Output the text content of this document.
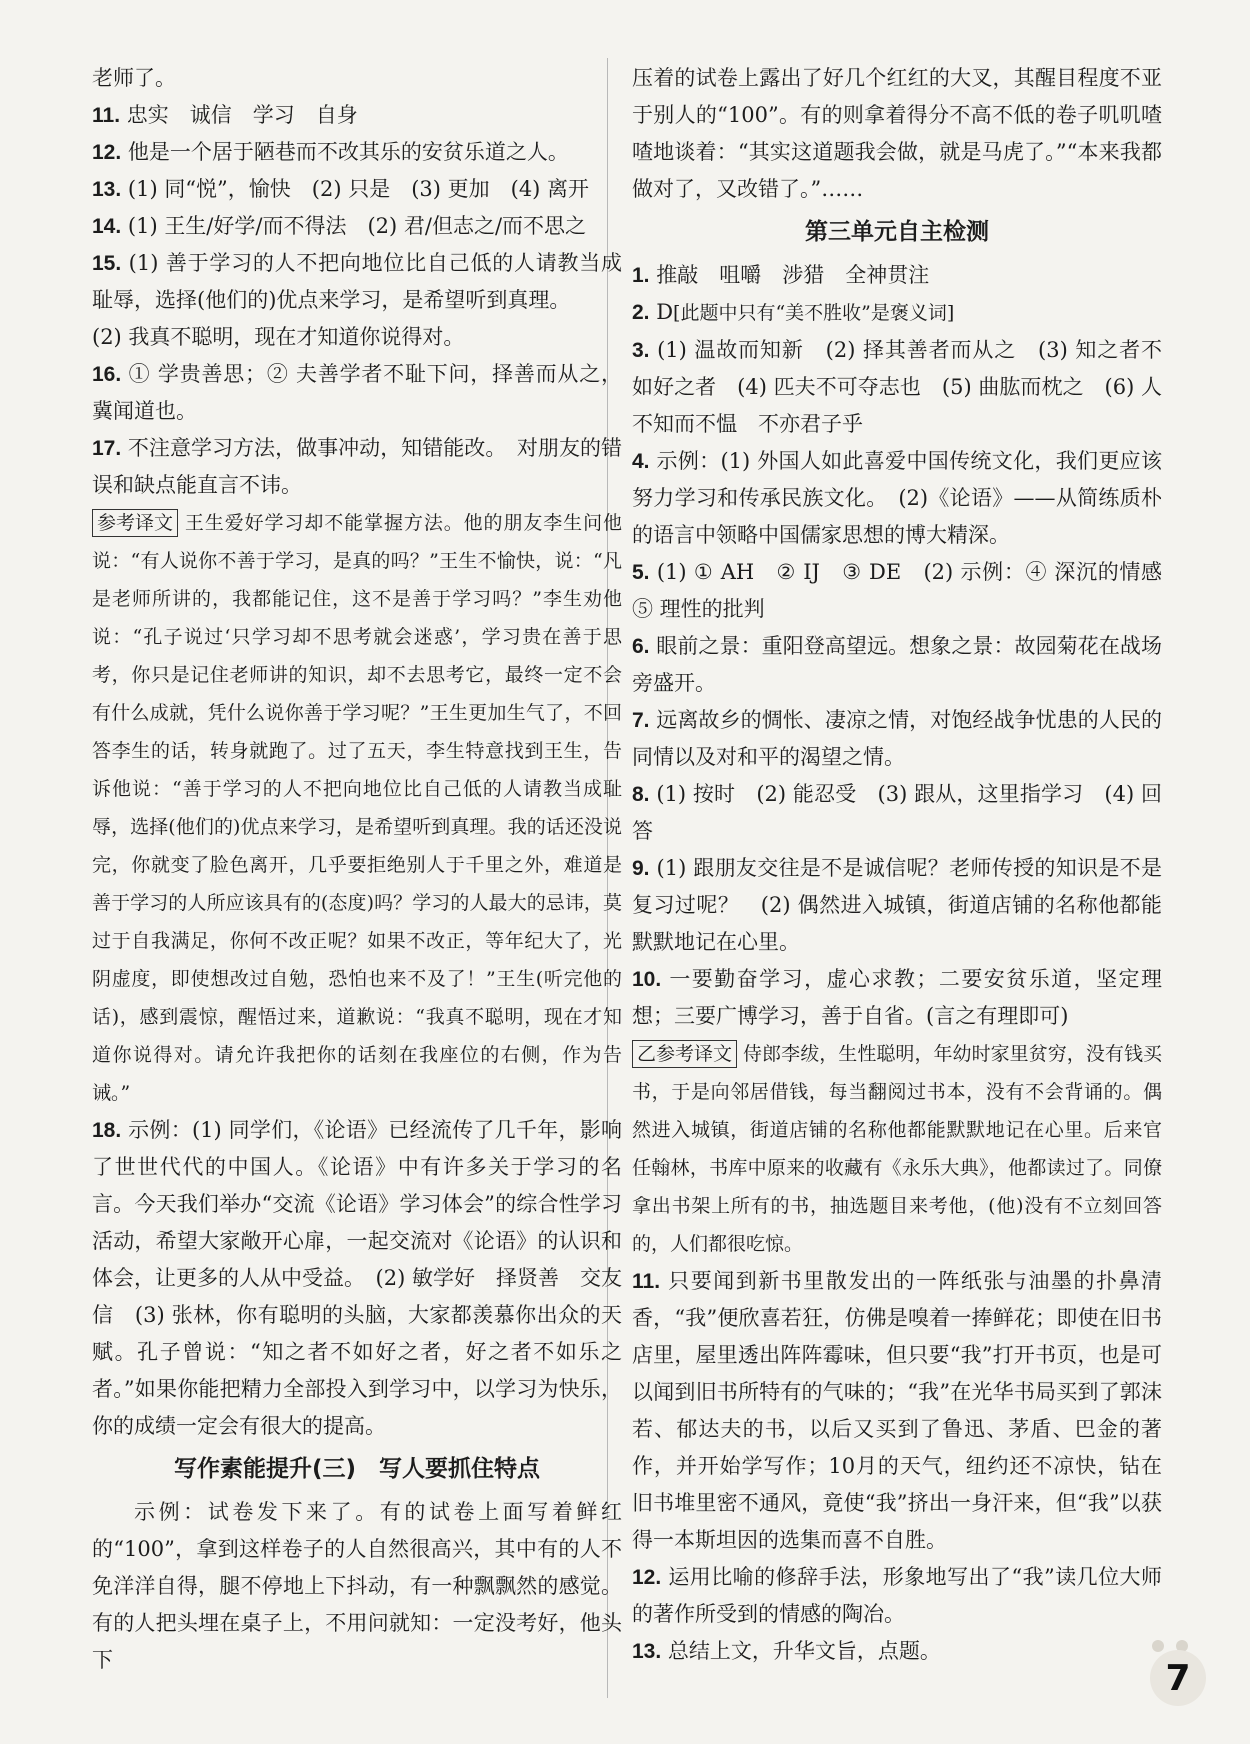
老师了。

11. 忠实　诚信　学习　自身

12. 他是一个居于陋巷而不改其乐的安贫乐道之人。

13. (1) 同“悦”，愉快　(2) 只是　(3) 更加　(4) 离开

14. (1) 王生/好学/而不得法　(2) 君/但志之/而不思之

15. (1) 善于学习的人不把向地位比自己低的人请教当成耻辱，选择(他们的)优点来学习，是希望听到真理。

(2) 我真不聪明，现在才知道你说得对。

16. ① 学贵善思；② 夫善学者不耻下问，择善而从之，冀闻道也。

17. 不注意学习方法，做事冲动，知错能改。　对朋友的错误和缺点能直言不讳。

参考译文 王生爱好学习却不能掌握方法。他的朋友李生问他说：“有人说你不善于学习，是真的吗？”王生不愉快，说：“凡是老师所讲的，我都能记住，这不是善于学习吗？”李生劝他说：“孔子说过‘只学习却不思考就会迷惑’，学习贵在善于思考，你只是记住老师讲的知识，却不去思考它，最终一定不会有什么成就，凭什么说你善于学习呢？”王生更加生气了，不回答李生的话，转身就跑了。过了五天，李生特意找到王生，告诉他说：“善于学习的人不把向地位比自己低的人请教当成耻辱，选择(他们的)优点来学习，是希望听到真理。我的话还没说完，你就变了脸色离开，几乎要拒绝别人于千里之外，难道是善于学习的人所应该具有的(态度)吗？学习的人最大的忌讳，莫过于自我满足，你何不改正呢？如果不改正，等年纪大了，光阴虚度，即使想改过自勉，恐怕也来不及了！”王生(听完他的话)，感到震惊，醒悟过来，道歉说：“我真不聪明，现在才知道你说得对。请允许我把你的话刻在我座位的右侧，作为告诫。”

18. 示例：(1) 同学们，《论语》已经流传了几千年，影响了世世代代的中国人。《论语》中有许多关于学习的名言。今天我们举办“交流《论语》学习体会”的综合性学习活动，希望大家敞开心扉，一起交流对《论语》的认识和体会，让更多的人从中受益。　(2) 敏学好　择贤善　交友信　(3) 张林，你有聪明的头脑，大家都羡慕你出众的天赋。孔子曾说：“知之者不如好之者，好之者不如乐之者。”如果你能把精力全部投入到学习中，以学习为快乐，你的成绩一定会有很大的提高。

写作素能提升(三)　写人要抓住特点

示例：试卷发下来了。有的试卷上面写着鲜红的“100”，拿到这样卷子的人自然很高兴，其中有的人不免洋洋自得，腿不停地上下抖动，有一种飘飘然的感觉。有的人把头埋在桌子上，不用问就知：一定没考好，他头下

压着的试卷上露出了好几个红红的大叉，其醒目程度不亚于别人的“100”。有的则拿着得分不高不低的卷子叽叽喳喳地谈着：“其实这道题我会做，就是马虎了。”“本来我都做对了，又改错了。”……

第三单元自主检测

1. 推敲　咀嚼　涉猎　全神贯注

2. D[此题中只有“美不胜收”是褒义词]

3. (1) 温故而知新　(2) 择其善者而从之　(3) 知之者不如好之者　(4) 匹夫不可夺志也　(5) 曲肱而枕之　(6) 人不知而不愠　不亦君子乎

4. 示例：(1) 外国人如此喜爱中国传统文化，我们更应该努力学习和传承民族文化。　(2)《论语》——从简练质朴的语言中领略中国儒家思想的博大精深。

5. (1) ① AH　② IJ　③ DE　(2) 示例：④ 深沉的情感　⑤ 理性的批判

6. 眼前之景：重阳登高望远。想象之景：故园菊花在战场旁盛开。

7. 远离故乡的惆怅、凄凉之情，对饱经战争忧患的人民的同情以及对和平的渴望之情。

8. (1) 按时　(2) 能忍受　(3) 跟从，这里指学习　(4) 回答

9. (1) 跟朋友交往是不是诚信呢？老师传授的知识是不是复习过呢？　(2) 偶然进入城镇，街道店铺的名称他都能默默地记在心里。

10. 一要勤奋学习，虚心求教；二要安贫乐道，坚定理想；三要广博学习，善于自省。(言之有理即可)

乙参考译文 侍郎李绂，生性聪明，年幼时家里贫穷，没有钱买书，于是向邻居借钱，每当翻阅过书本，没有不会背诵的。偶然进入城镇，街道店铺的名称他都能默默地记在心里。后来官任翰林，书库中原来的收藏有《永乐大典》，他都读过了。同僚拿出书架上所有的书，抽选题目来考他，(他)没有不立刻回答的，人们都很吃惊。

11. 只要闻到新书里散发出的一阵纸张与油墨的扑鼻清香，“我”便欣喜若狂，仿佛是嗅着一捧鲜花；即使在旧书店里，屋里透出阵阵霉味，但只要“我”打开书页，也是可以闻到旧书所特有的气味的；“我”在光华书局买到了郭沫若、郁达夫的书，以后又买到了鲁迅、茅盾、巴金的著作，并开始学写作；10月的天气，纽约还不凉快，钻在旧书堆里密不通风，竟使“我”挤出一身汗来，但“我”以获得一本斯坦因的选集而喜不自胜。

12. 运用比喻的修辞手法，形象地写出了“我”读几位大师的著作所受到的情感的陶冶。

13. 总结上文，升华文旨，点题。

7
